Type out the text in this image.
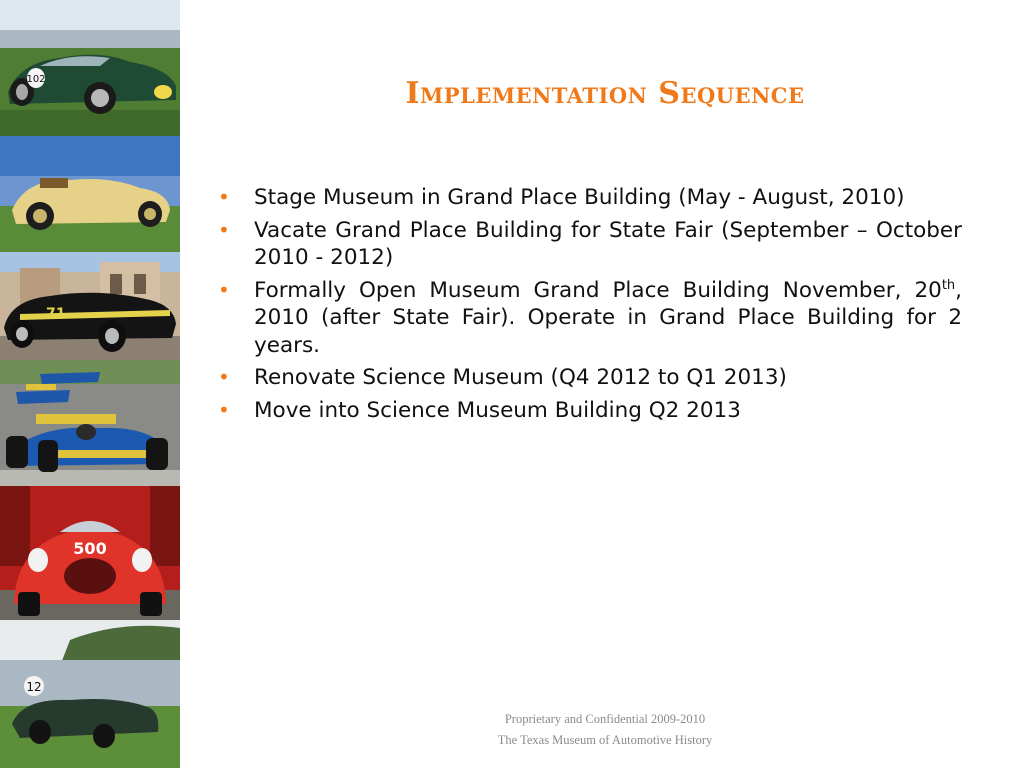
102
71
500
12
Implementation Sequence
• Stage Museum in Grand Place Building (May - August, 2010)
• Vacate Grand Place Building for State Fair (September – October 2010 - 2012)
• Formally Open Museum Grand Place Building November, 20th, 2010 (after State Fair). Operate in Grand Place Building for 2 years.
• Renovate Science Museum (Q4 2012 to Q1 2013)
• Move into Science Museum Building Q2 2013
Proprietary and Confidential 2009-2010
The Texas Museum of Automotive History
